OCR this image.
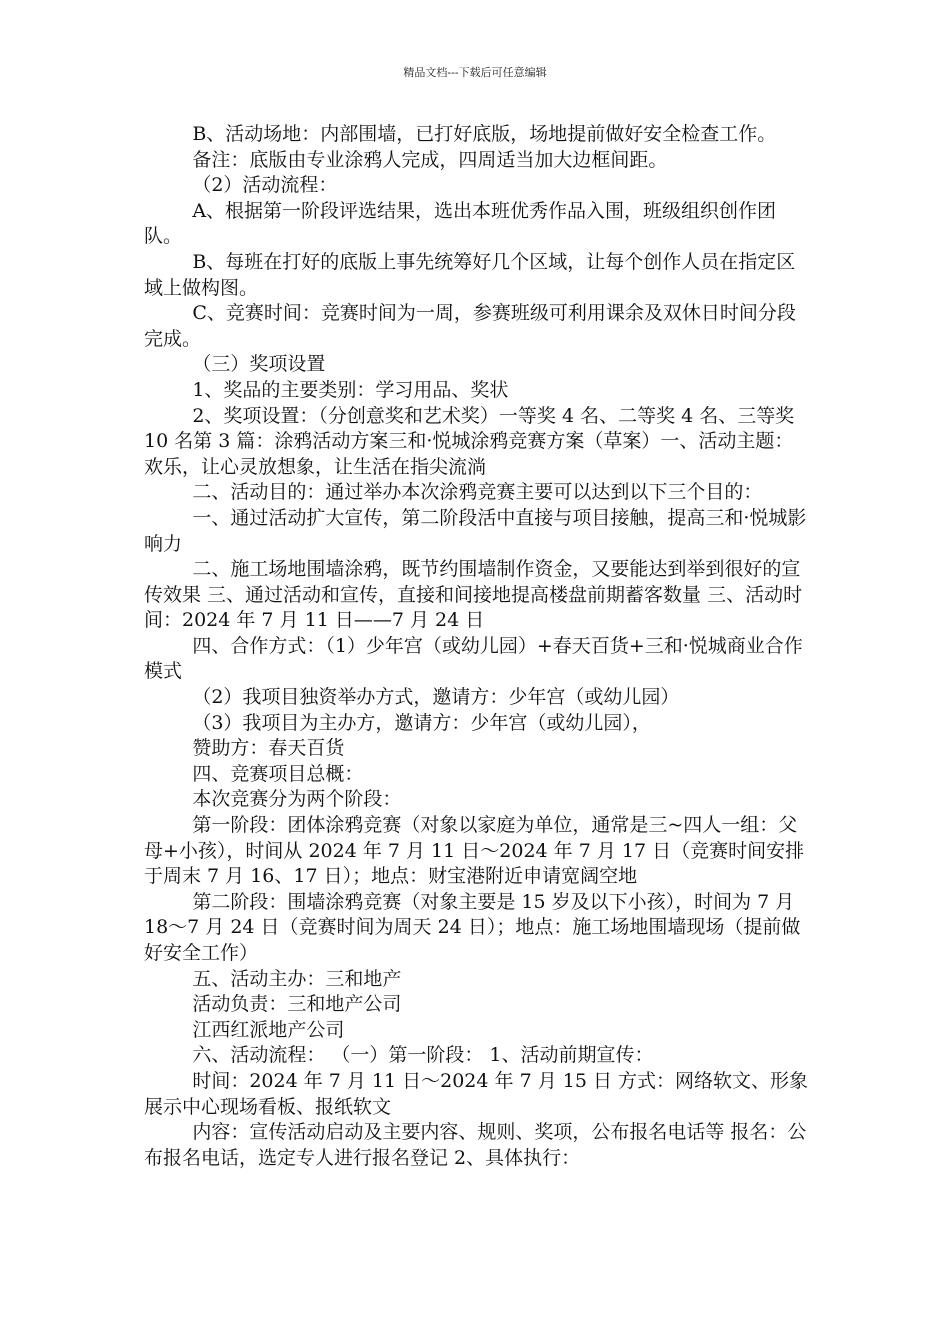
精品文档---下载后可任意编辑

B、活动场地：内部围墙，已打好底版，场地提前做好安全检查工作。

备注：底版由专业涂鸦人完成，四周适当加大边框间距。

（2）活动流程：

A、根据第一阶段评选结果，选出本班优秀作品入围，班级组织创作团队。

B、每班在打好的底版上事先统筹好几个区域，让每个创作人员在指定区域上做构图。

C、竞赛时间：竞赛时间为一周，参赛班级可利用课余及双休日时间分段完成。

（三）奖项设置

1、奖品的主要类别：学习用品、奖状

2、奖项设置：（分创意奖和艺术奖）一等奖 4 名、二等奖 4 名、三等奖 10 名第 3 篇：涂鸦活动方案三和·悦城涂鸦竞赛方案（草案）一、活动主题：欢乐，让心灵放想象，让生活在指尖流淌

二、活动目的：通过举办本次涂鸦竞赛主要可以达到以下三个目的：

一、通过活动扩大宣传，第二阶段活中直接与项目接触，提高三和·悦城影响力

二、施工场地围墙涂鸦，既节约围墙制作资金，又要能达到举到很好的宣传效果 三、通过活动和宣传，直接和间接地提高楼盘前期蓄客数量 三、活动时间：2024 年 7 月 11 日——7 月 24 日

四、合作方式：（1）少年宫（或幼儿园）+春天百货+三和·悦城商业合作模式

（2）我项目独资举办方式，邀请方：少年宫（或幼儿园）

（3）我项目为主办方，邀请方：少年宫（或幼儿园），

赞助方：春天百货

四、竞赛项目总概：

本次竞赛分为两个阶段：

第一阶段：团体涂鸦竞赛（对象以家庭为单位，通常是三~四人一组：父母+小孩），时间从 2024 年 7 月 11 日～2024 年 7 月 17 日（竞赛时间安排于周末 7 月 16、17 日）；地点：财宝港附近申请宽阔空地

第二阶段：围墙涂鸦竞赛（对象主要是 15 岁及以下小孩），时间为 7 月 18～7 月 24 日（竞赛时间为周天 24 日）；地点：施工场地围墙现场（提前做好安全工作）

五、活动主办：三和地产

活动负责：三和地产公司

江西红派地产公司

六、活动流程： （一）第一阶段： 1、活动前期宣传：

时间：2024 年 7 月 11 日～2024 年 7 月 15 日 方式：网络软文、形象展示中心现场看板、报纸软文

内容：宣传活动启动及主要内容、规则、奖项，公布报名电话等 报名：公布报名电话，选定专人进行报名登记 2、具体执行：
